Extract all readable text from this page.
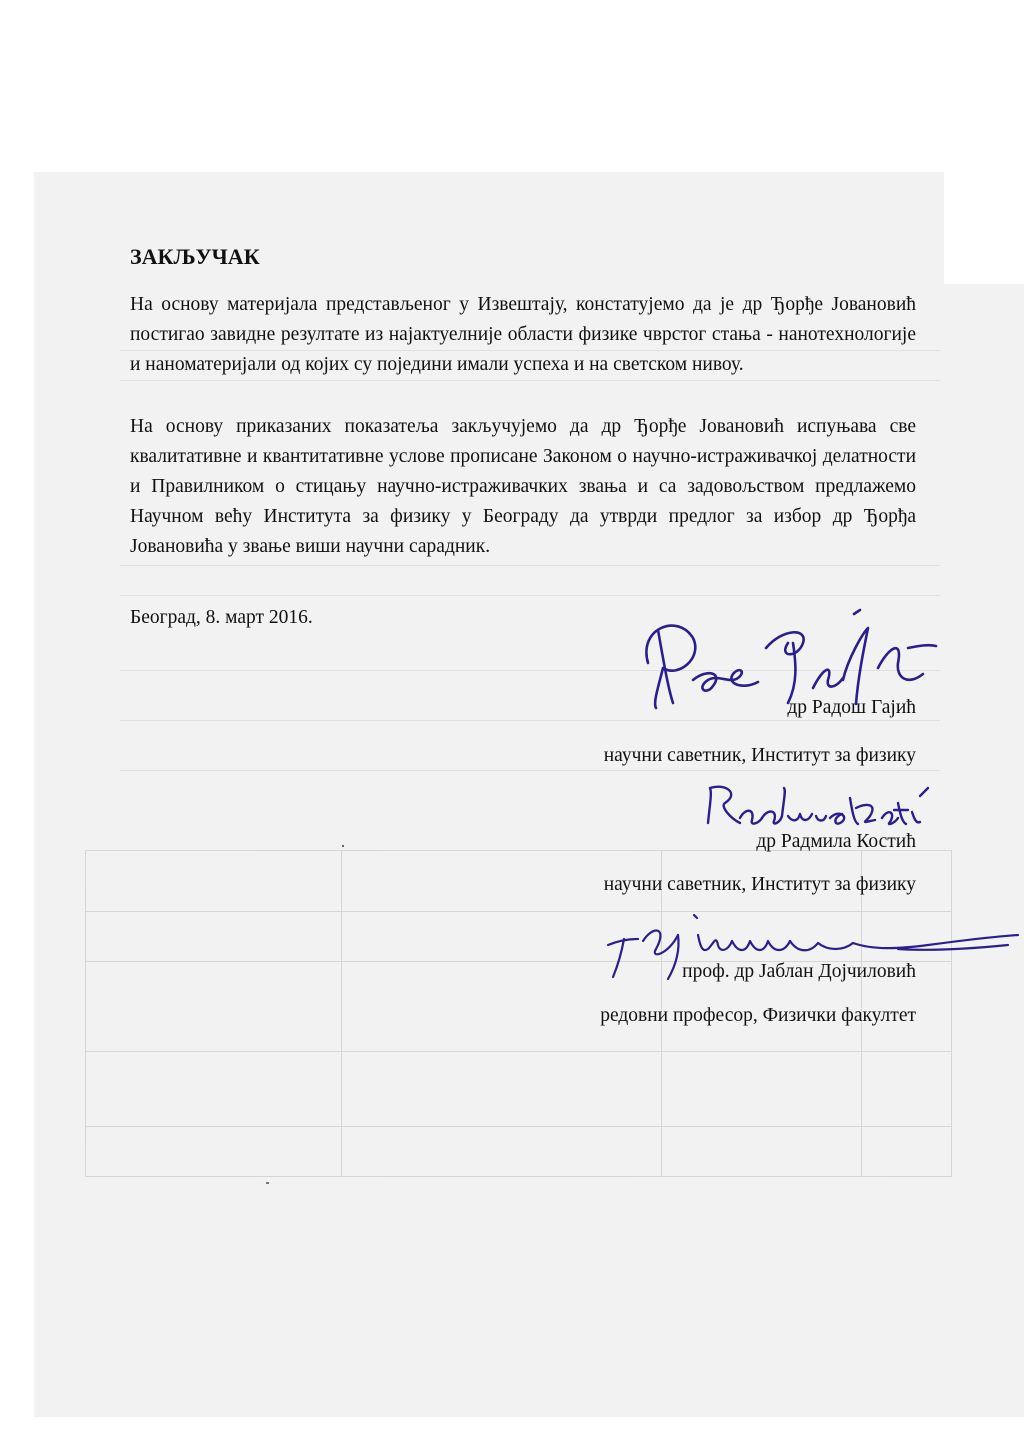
ЗАКЉУЧАК

На основу материјала представљеног у Извештају, констатујемо да је др Ђорђе Јовановић постигао завидне резултате из најактуелније области физике чврстог стања - нанотехнологије и наноматеријали од којих су поједини имали успеха и на светском нивоу.

На основу приказаних показатеља закључујемо да др Ђорђе Јовановић испуњава све квалитативне и квантитативне услове прописане Законом о научно-истраживачкој делатности и Правилником о стицању научно-истраживачких звања и са задовољством предлажемо Научном већу Института за физику у Београду да утврди предлог за избор др Ђорђа Јовановића у звање виши научни сарадник.

Београд, 8. март 2016.
др Радош Гајић
научни саветник, Институт за физику
др Радмила Костић
научни саветник, Институт за физику
проф. др Јаблан Дојчиловић
редовни професор, Физички факултет
